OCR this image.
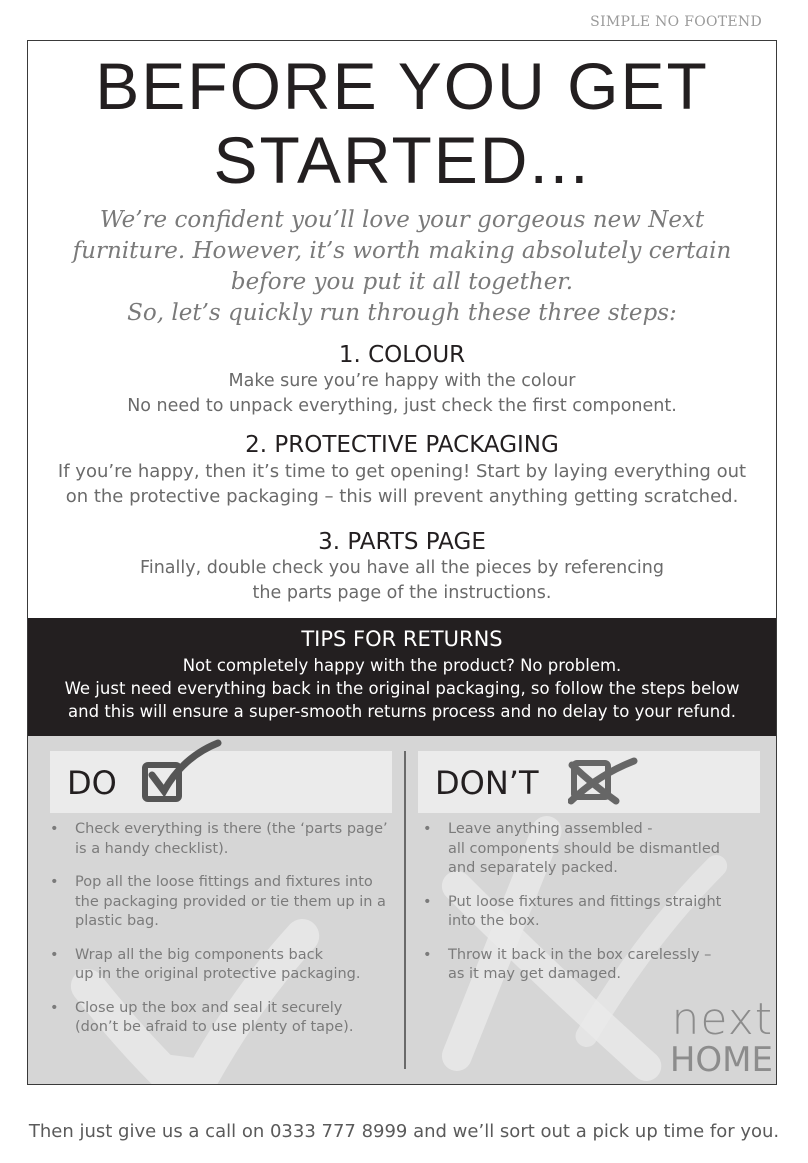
SIMPLE NO FOOTEND
BEFORE YOU GET
STARTED...

We’re confident you’ll love your gorgeous new Next

furniture. However, it’s worth making absolutely certain

before you put it all together.

So, let’s quickly run through these three steps:

1. COLOUR

Make sure you’re happy with the colour

No need to unpack everything, just check the first component.

2. PROTECTIVE PACKAGING

If you’re happy, then it’s time to get opening! Start by laying everything out

on the protective packaging – this will prevent anything getting scratched.

3. PARTS PAGE

Finally, double check you have all the pieces by referencing

the parts page of the instructions.

TIPS FOR RETURNS

Not completely happy with the product? No problem.

We just need everything back in the original packaging, so follow the steps below

and this will ensure a super-smooth returns process and no delay to your refund.

DO	DON’T
• Check everything is there (the ‘parts page’
is a handy checklist).
• Pop all the loose fittings and fixtures into
the packaging provided or tie them up in a
plastic bag.
• Wrap all the big components back
up in the original protective packaging.
• Close up the box and seal it securely
(don’t be afraid to use plenty of tape).
• Leave anything assembled -
all components should be dismantled
and separately packed.
• Put loose fixtures and fittings straight
into the box.
• Throw it back in the box carelessly –
as it may get damaged.
next
HOME
Then just give us a call on 0333 777 8999 and we’ll sort out a pick up time for you.
